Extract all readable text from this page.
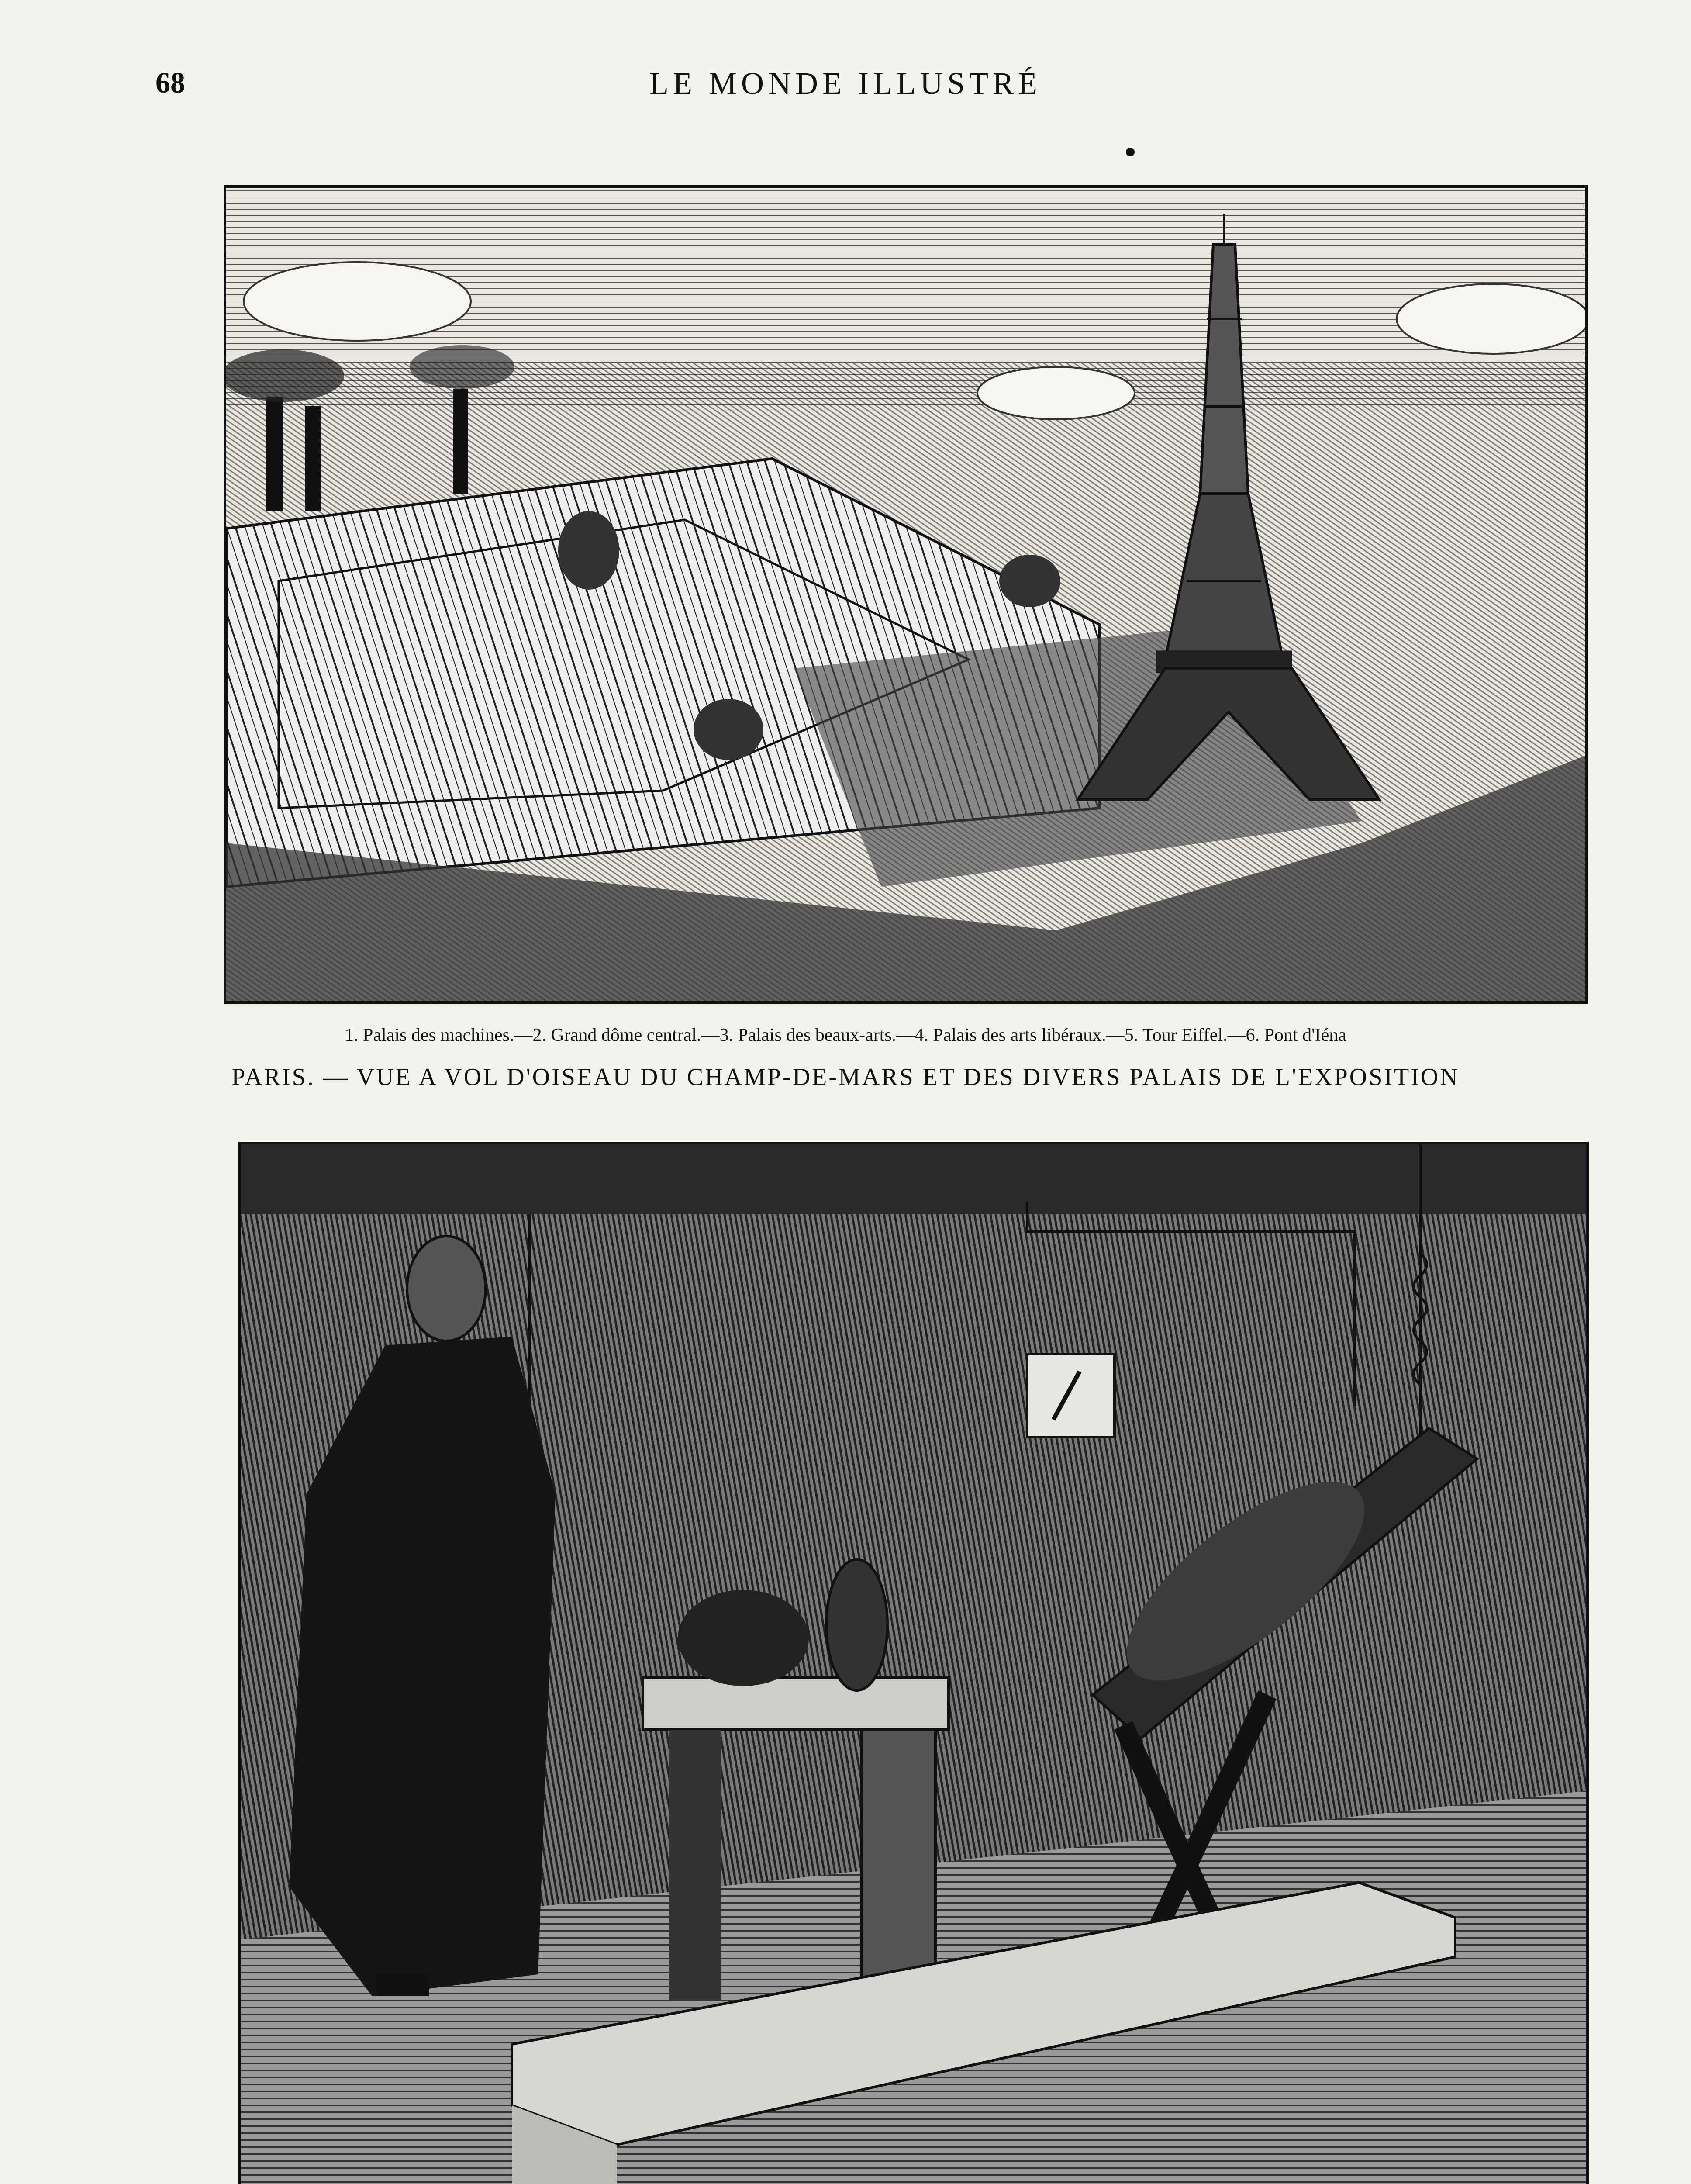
68	LE MONDE ILLUSTRÉ
1. Palais des machines.—2. Grand dôme central.—3. Palais des beaux-arts.—4. Palais des arts libéraux.—5. Tour Eiffel.—6. Pont d'Iéna
PARIS. — VUE A VOL D'OISEAU DU CHAMP-DE-MARS ET DES DIVERS PALAIS DE L'EXPOSITION
